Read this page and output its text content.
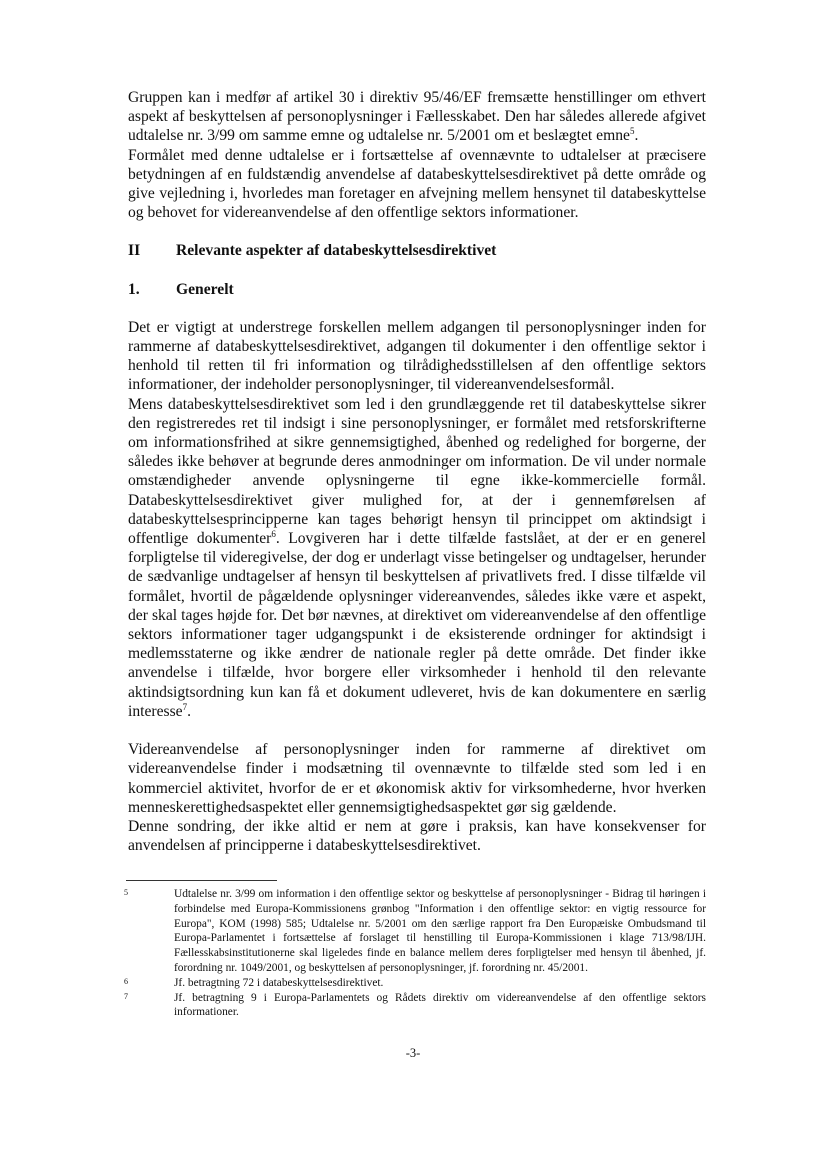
Gruppen kan i medfør af artikel 30 i direktiv 95/46/EF fremsætte henstillinger om ethvert aspekt af beskyttelsen af personoplysninger i Fællesskabet. Den har således allerede afgivet udtalelse nr. 3/99 om samme emne og udtalelse nr. 5/2001 om et beslægtet emne$^5$.

Formålet med denne udtalelse er i fortsættelse af ovennævnte to udtalelser at præcisere betydningen af en fuldstændig anvendelse af databeskyttelsesdirektivet på dette område og give vejledning i, hvorledes man foretager en afvejning mellem hensynet til databeskyttelse og behovet for videreanvendelse af den offentlige sektors informationer.

II	Relevante aspekter af databeskyttelsesdirektivet
1.	Generelt

Det er vigtigt at understrege forskellen mellem adgangen til personoplysninger inden for rammerne af databeskyttelsesdirektivet, adgangen til dokumenter i den offentlige sektor i henhold til retten til fri information og tilrådighedsstillelsen af den offentlige sektors informationer, der indeholder personoplysninger, til videreanvendelsesformål.

Mens databeskyttelsesdirektivet som led i den grundlæggende ret til databeskyttelse sikrer den registreredes ret til indsigt i sine personoplysninger, er formålet med retsforskrifterne om informationsfrihed at sikre gennemsigtighed, åbenhed og redelighed for borgerne, der således ikke behøver at begrunde deres anmodninger om information. De vil under normale omstændigheder anvende oplysningerne til egne ikke-kommercielle formål. Databeskyttelsesdirektivet giver mulighed for, at der i gennemførelsen af databeskyttelsesprincipperne kan tages behørigt hensyn til princippet om aktindsigt i offentlige dokumenter$^6$. Lovgiveren har i dette tilfælde fastslået, at der er en generel forpligtelse til videregivelse, der dog er underlagt visse betingelser og undtagelser, herunder de sædvanlige undtagelser af hensyn til beskyttelsen af privatlivets fred. I disse tilfælde vil formålet, hvortil de pågældende oplysninger videreanvendes, således ikke være et aspekt, der skal tages højde for. Det bør nævnes, at direktivet om videreanvendelse af den offentlige sektors informationer tager udgangspunkt i de eksisterende ordninger for aktindsigt i medlemsstaterne og ikke ændrer de nationale regler på dette område. Det finder ikke anvendelse i tilfælde, hvor borgere eller virksomheder i henhold til den relevante aktindsigtsordning kun kan få et dokument udleveret, hvis de kan dokumentere en særlig interesse$^7$.

Videreanvendelse af personoplysninger inden for rammerne af direktivet om videreanvendelse finder i modsætning til ovennævnte to tilfælde sted som led i en kommerciel aktivitet, hvorfor de er et økonomisk aktiv for virksomhederne, hvor hverken menneskerettighedsaspektet eller gennemsigtighedsaspektet gør sig gældende.

Denne sondring, der ikke altid er nem at gøre i praksis, kan have konsekvenser for anvendelsen af principperne i databeskyttelsesdirektivet.

5	Udtalelse nr. 3/99 om information i den offentlige sektor og beskyttelse af personoplysninger - Bidrag til høringen i forbindelse med Europa-Kommissionens grønbog "Information i den offentlige sektor: en vigtig ressource for Europa", KOM (1998) 585; Udtalelse nr. 5/2001 om den særlige rapport fra Den Europæiske Ombudsmand til Europa-Parlamentet i fortsættelse af forslaget til henstilling til Europa-Kommissionen i klage 713/98/IJH. Fællesskabsinstitutionerne skal ligeledes finde en balance mellem deres forpligtelser med hensyn til åbenhed, jf. forordning nr. 1049/2001, og beskyttelsen af personoplysninger, jf. forordning nr. 45/2001.
6	Jf. betragtning 72 i databeskyttelsesdirektivet.
7	Jf. betragtning 9 i Europa-Parlamentets og Rådets direktiv om videreanvendelse af den offentlige sektors informationer.
-3-
